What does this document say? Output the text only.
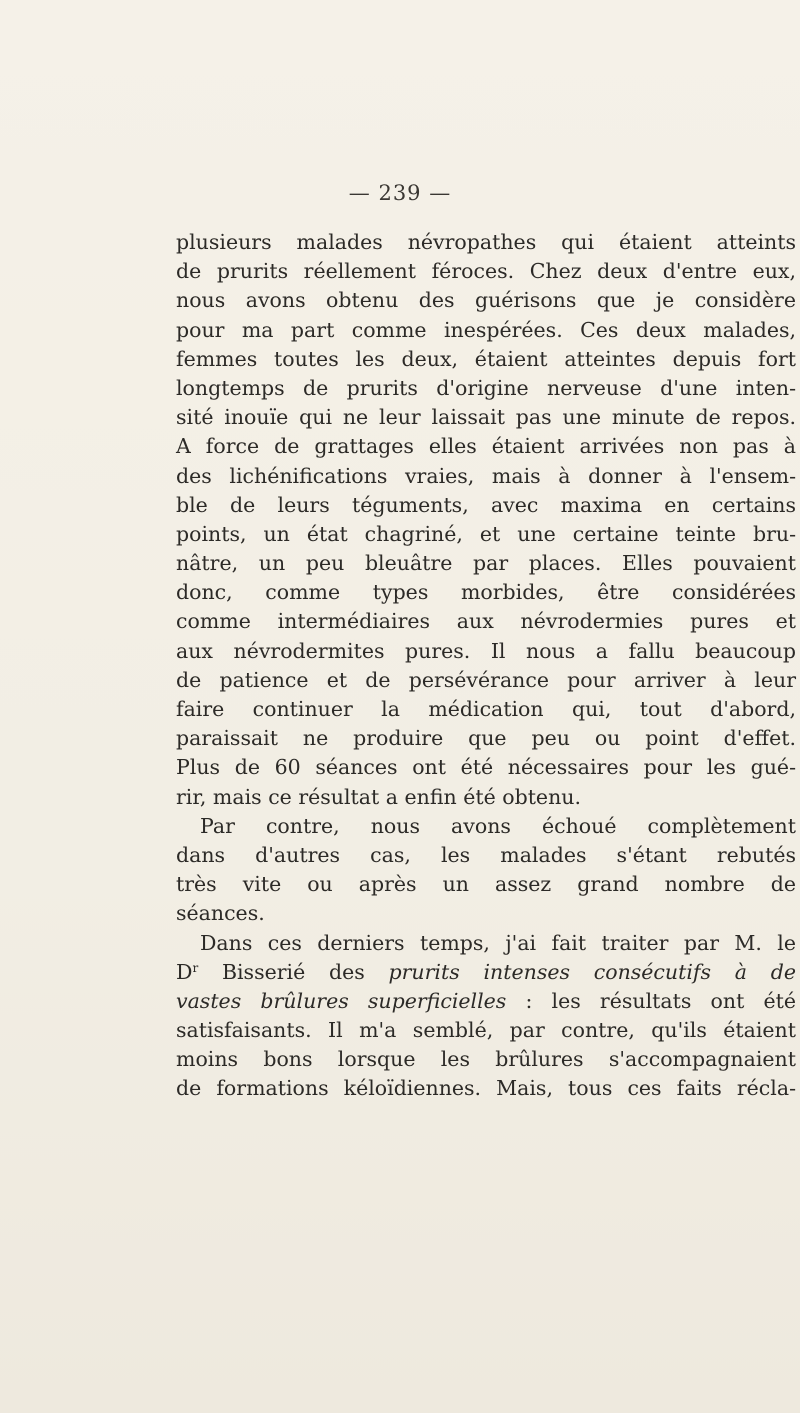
— 239 —
plusieurs malades névropathes qui étaient atteints
de prurits réellement féroces. Chez deux d'entre eux,
nous avons obtenu des guérisons que je considère
pour ma part comme inespérées. Ces deux malades,
femmes toutes les deux, étaient atteintes depuis fort
longtemps de prurits d'origine nerveuse d'une inten-
sité inouïe qui ne leur laissait pas une minute de repos.
A force de grattages elles étaient arrivées non pas à
des lichénifications vraies, mais à donner à l'ensem-
ble de leurs téguments, avec maxima en certains
points, un état chagriné, et une certaine teinte bru-
nâtre, un peu bleuâtre par places. Elles pouvaient
donc, comme types morbides, être considérées
comme intermédiaires aux névrodermies pures et
aux névrodermites pures. Il nous a fallu beaucoup
de patience et de persévérance pour arriver à leur
faire continuer la médication qui, tout d'abord,
paraissait ne produire que peu ou point d'effet.
Plus de 60 séances ont été nécessaires pour les gué-
rir, mais ce résultat a enfin été obtenu.
Par contre, nous avons échoué complètement
dans d'autres cas, les malades s'étant rebutés
très vite ou après un assez grand nombre de
séances.
Dans ces derniers temps, j'ai fait traiter par M. le
$D^r$ Bisserié des prurits intenses consécutifs à de
vastes brûlures superficielles : les résultats ont été
satisfaisants. Il m'a semblé, par contre, qu'ils étaient
moins bons lorsque les brûlures s'accompagnaient
de formations kéloïdiennes. Mais, tous ces faits récla-
